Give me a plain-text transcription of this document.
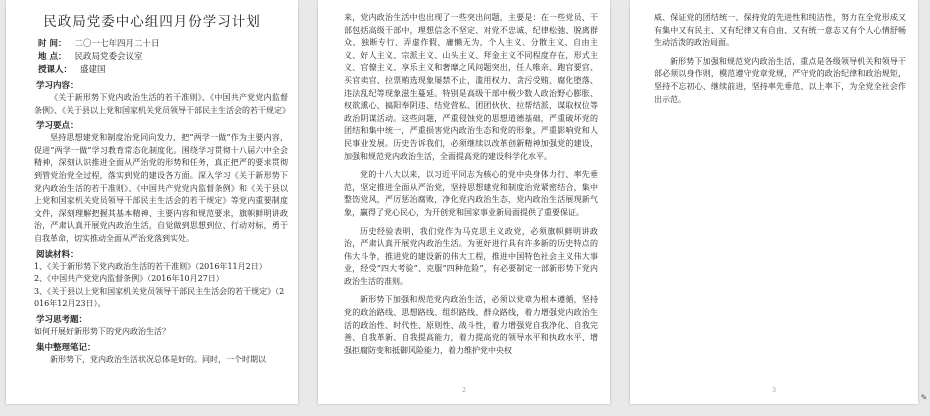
民政局党委中心组四月份学习计划
时 间： 二〇一七年四月二十日
地 点： 民政局党委会议室
授课人： 盛建国
学习内容：
《关于新形势下党内政治生活的若干准则》、《中国共产党党内监督条例》、《关于县以上党和国家机关党员领导干部民主生活会的若干规定》
学习要点：
坚持思想建党和制度治党同向发力，把“两学一做”作为主要内容，促进“两学一做”学习教育常态化制度化。围绕学习贯彻十八届六中全会精神，深刻认识推进全面从严治党的形势和任务，真正把严的要求贯彻到管党治党全过程，落实到党的建设各方面。深入学习《关于新形势下党内政治生活的若干准则》、《中国共产党党内监督条例》和《关于县以上党和国家机关党员领导干部民主生活会的若干规定》等党内重要制度文件，深刻理解把握其基本精神、主要内容和规范要求，旗帜鲜明讲政治，严肃认真开展党内政治生活，自觉做到思想到位、行动对标，勇于自我革命，切实推动全面从严治党落到实处。
阅读材料：
1、《关于新形势下党内政治生活的若干准则》（2016年11月2日）
2、《中国共产党党内监督条例》（2016年10月27日）
3、《关于县以上党和国家机关党员领导干部民主生活会的若干规定》（2016年12月23日）。
学习思考题：
如何开展好新形势下的党内政治生活？
集中整理笔记：
新形势下，党内政治生活状况总体是好的。同时，一个时期以
来，党内政治生活中也出现了一些突出问题，主要是：在一些党员、干部包括高级干部中，理想信念不坚定、对党不忠诚、纪律松弛、脱离群众、独断专行、弄虚作假、庸懒无为，个人主义、分散主义、自由主义、好人主义、宗派主义、山头主义、拜金主义不同程度存在，形式主义、官僚主义、享乐主义和奢靡之风问题突出，任人唯亲、跑官要官、买官卖官、拉票贿选现象屡禁不止，滥用权力、贪污受贿、腐化堕落、违法乱纪等现象滋生蔓延。特别是高级干部中极少数人政治野心膨胀、权欲熏心，搞阳奉阴违、结党营私、团团伙伙、拉帮结派，谋取权位等政治阴谋活动。这些问题，严重侵蚀党的思想道德基础，严重破坏党的团结和集中统一，严重损害党内政治生态和党的形象，严重影响党和人民事业发展。历史告诉我们，必须继续以改革创新精神加强党的建设，加强和规范党内政治生活，全面提高党的建设科学化水平。
党的十八大以来，以习近平同志为核心的党中央身体力行、率先垂范，坚定推进全面从严治党，坚持思想建党和制度治党紧密结合，集中整饬党风，严厉惩治腐败，净化党内政治生态，党内政治生活展现新气象，赢得了党心民心，为开创党和国家事业新局面提供了重要保证。
历史经验表明，我们党作为马克思主义政党，必须旗帜鲜明讲政治，严肃认真开展党内政治生活。为更好进行具有许多新的历史特点的伟大斗争，推进党的建设新的伟大工程，推进中国特色社会主义伟大事业，经受“四大考验”、克服“四种危险”，有必要制定一部新形势下党内政治生活的准则。
新形势下加强和规范党内政治生活，必须以党章为根本遵循，坚持党的政治路线、思想路线、组织路线、群众路线，着力增强党内政治生活的政治性、时代性、原则性、战斗性，着力增强党自我净化、自我完善、自我革新、自我提高能力，着力提高党的领导水平和执政水平、增强拒腐防变和抵御风险能力，着力维护党中央权
2
威、保证党的团结统一、保持党的先进性和纯洁性，努力在全党形成又有集中又有民主、又有纪律又有自由、又有统一意志又有个人心情舒畅生动活泼的政治局面。
新形势下加强和规范党内政治生活，重点是各级领导机关和领导干部必须以身作则，模范遵守党章党规，严守党的政治纪律和政治规矩，坚持不忘初心、继续前进，坚持率先垂范、以上率下，为全党全社会作出示范。
3
✎
